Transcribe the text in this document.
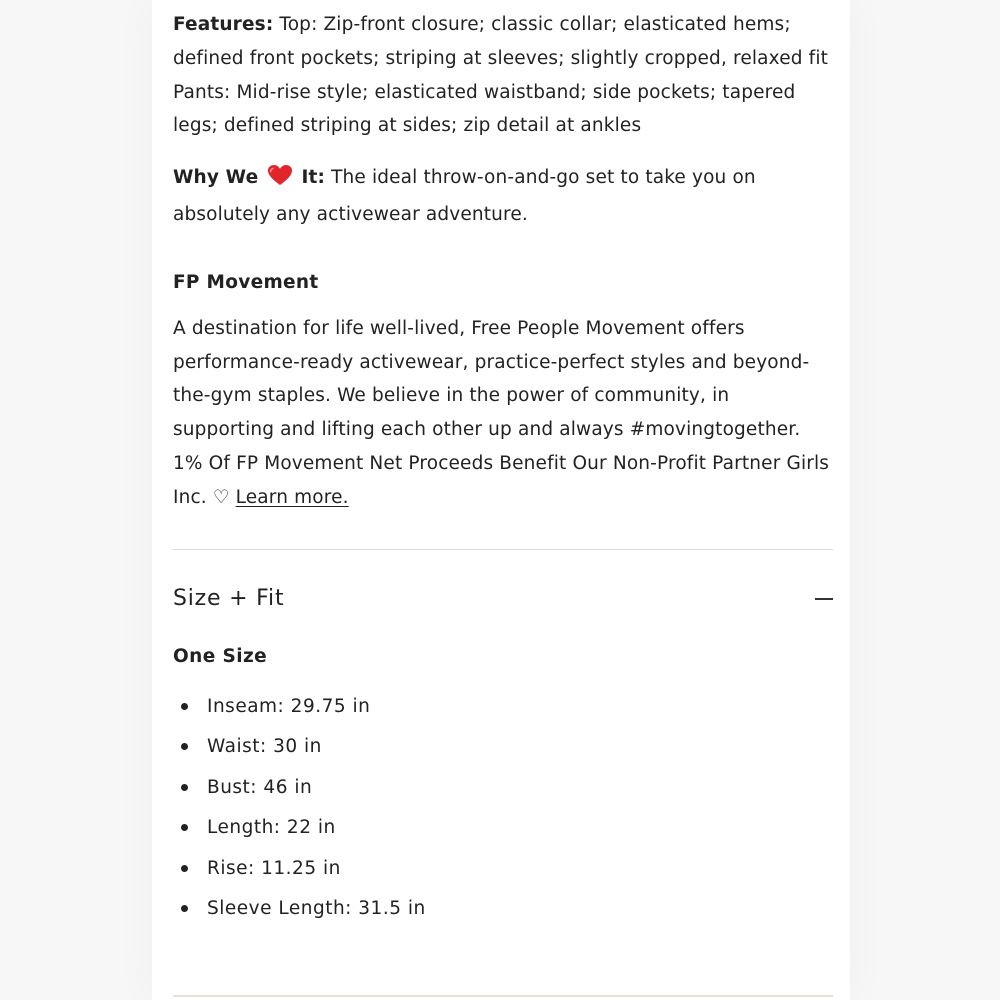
Features: Top: Zip-front closure; classic collar; elasticated hems; defined front pockets; striping at sleeves; slightly cropped, relaxed fit
Pants: Mid-rise style; elasticated waistband; side pockets; tapered legs; defined striping at sides; zip detail at ankles

Why We  It: The ideal throw-on-and-go set to take you on absolutely any activewear adventure.

FP Movement

A destination for life well-lived, Free People Movement offers performance-ready activewear, practice-perfect styles and beyond-the-gym staples. We believe in the power of community, in supporting and lifting each other up and always #movingtogether. 1% Of FP Movement Net Proceeds Benefit Our Non-Profit Partner Girls Inc. ♡ Learn more.

Size + Fit
One Size
Inseam: 29.75 in
Waist: 30 in
Bust: 46 in
Length: 22 in
Rise: 11.25 in
Sleeve Length: 31.5 in
